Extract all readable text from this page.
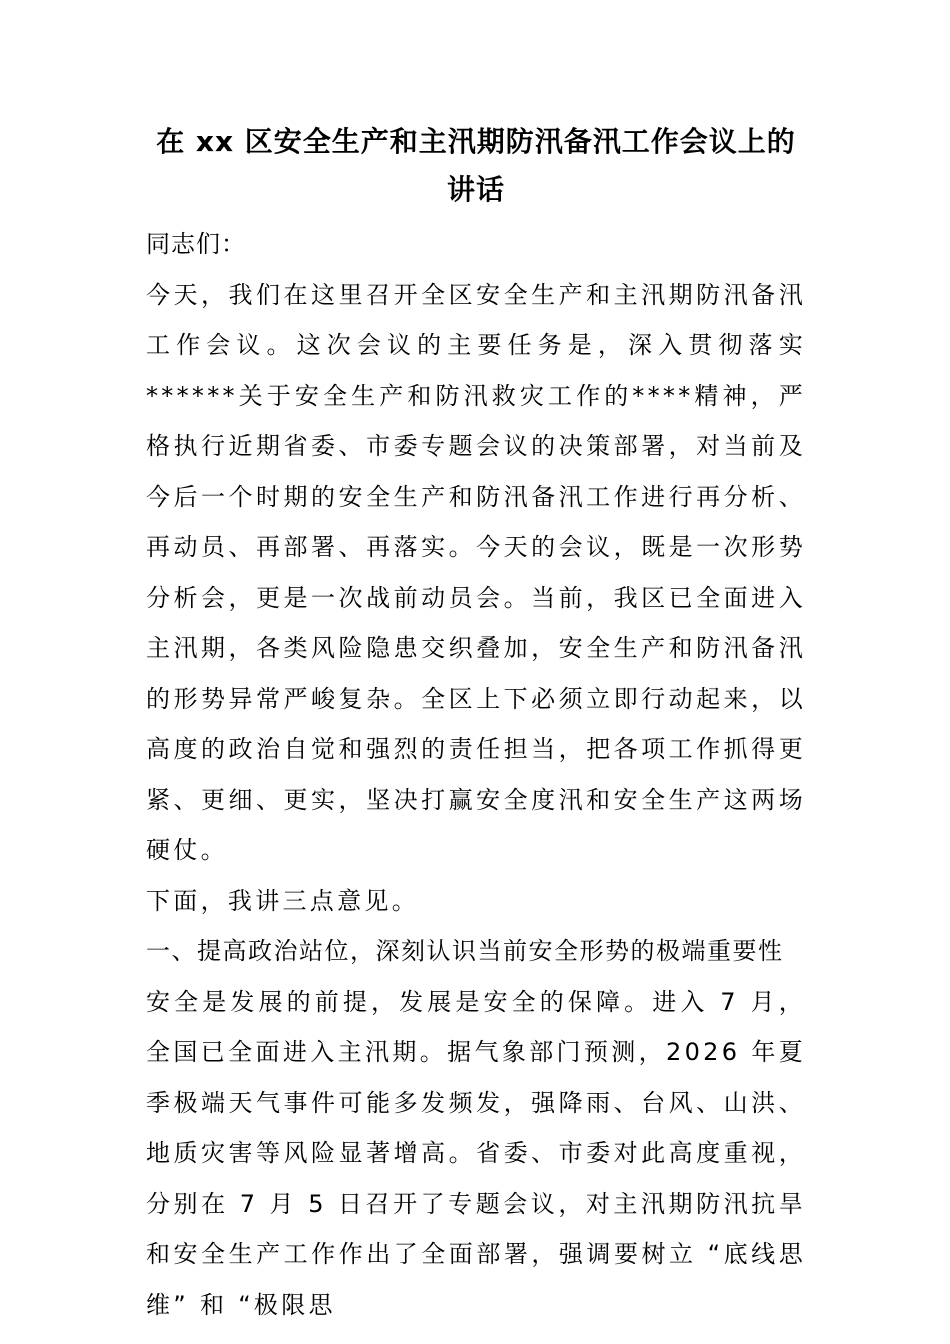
在 xx 区安全生产和主汛期防汛备汛工作会议上的讲话

同志们：

今天，我们在这里召开全区安全生产和主汛期防汛备汛工作会议。这次会议的主要任务是，深入贯彻落实******关于安全生产和防汛救灾工作的****精神，严格执行近期省委、市委专题会议的决策部署，对当前及今后一个时期的安全生产和防汛备汛工作进行再分析、再动员、再部署、再落实。今天的会议，既是一次形势分析会，更是一次战前动员会。当前，我区已全面进入主汛期，各类风险隐患交织叠加，安全生产和防汛备汛的形势异常严峻复杂。全区上下必须立即行动起来，以高度的政治自觉和强烈的责任担当，把各项工作抓得更紧、更细、更实，坚决打赢安全度汛和安全生产这两场硬仗。

下面，我讲三点意见。

一、提高政治站位，深刻认识当前安全形势的极端重要性

安全是发展的前提，发展是安全的保障。进入 7 月，全国已全面进入主汛期。据气象部门预测，2026 年夏季极端天气事件可能多发频发，强降雨、台风、山洪、地质灾害等风险显著增高。省委、市委对此高度重视，分别在 7 月 5 日召开了专题会议，对主汛期防汛抗旱和安全生产工作作出了全面部署，强调要树立 “底线思维” 和 “极限思
